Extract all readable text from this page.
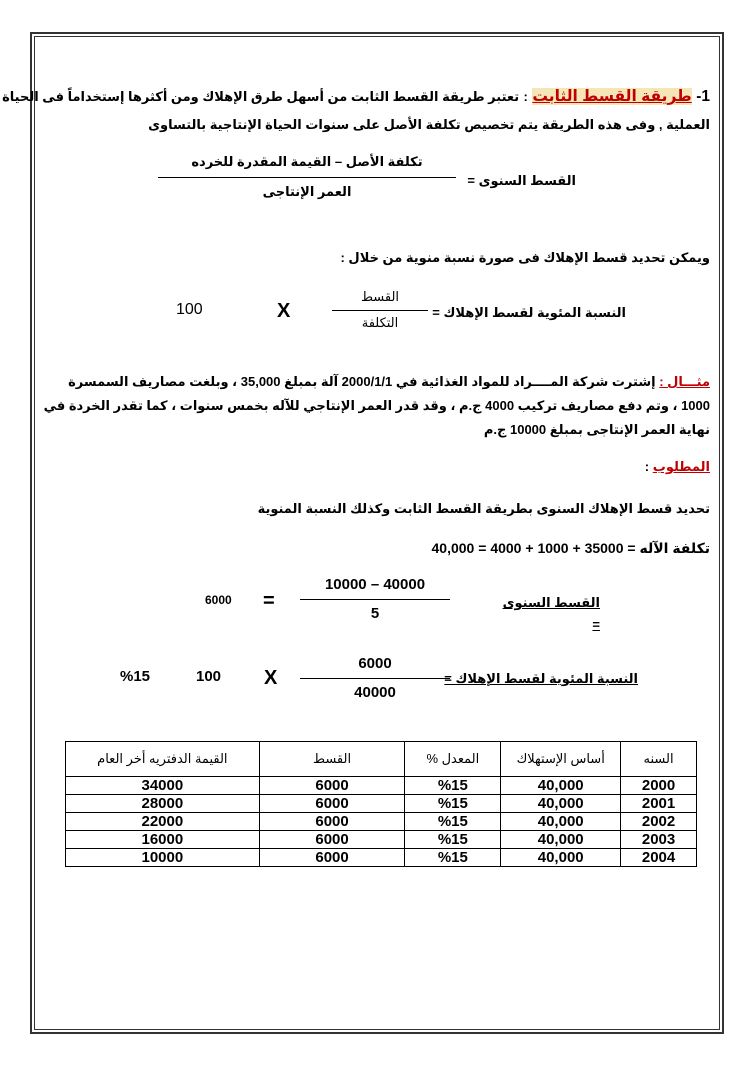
1- طريقة القسط الثابت : تعتبر طريقة القسط الثابت من أسهل طرق الإهلاك ومن أكثرها إستخداماً فى الحياة
العملية , وفى هذه الطريقة يتم تخصيص تكلفة الأصل على سنوات الحياة الإنتاجية بالتساوى
القسط السنوى =
تكلفة الأصل – القيمة المقدرة للخرده
العمر الإنتاجى
ويمكن تحديد قسط الإهلاك فى صورة نسبة منوية من خلال :
النسبة المئوية لقسط الإهلاك =
القسط
التكلفة
X
100
مثـــال : إشترت شركة المــــراد للمواد الغذائية في 2000/1/1 آلة بمبلغ 35,000 ، وبلغت مصاريف السمسرة
1000 ، وتم دفع مصاريف تركيب 4000 ج.م ، وقد قدر العمر الإنتاجي للآله بخمس سنوات ، كما تقدر الخردة في
نهاية العمر الإنتاجى بمبلغ 10000 ج.م
المطلوب :
تحديد قسط الإهلاك السنوى بطريقة القسط الثابت وكذلك النسبة المنوية
تكلفة الآله = 35000 + 1000 + 4000 = 40,000
القسط السنوى =
10000 – 40000
5
=
6000
النسبة المئوية لقسط الإهلاك =
6000
40000
X
100
%15
السنه	أساس الإستهلاك	المعدل %	القسط	القيمة الدفتريه أخر العام
2000	40,000	%15	6000	34000
2001	40,000	%15	6000	28000
2002	40,000	%15	6000	22000
2003	40,000	%15	6000	16000
2004	40,000	%15	6000	10000
